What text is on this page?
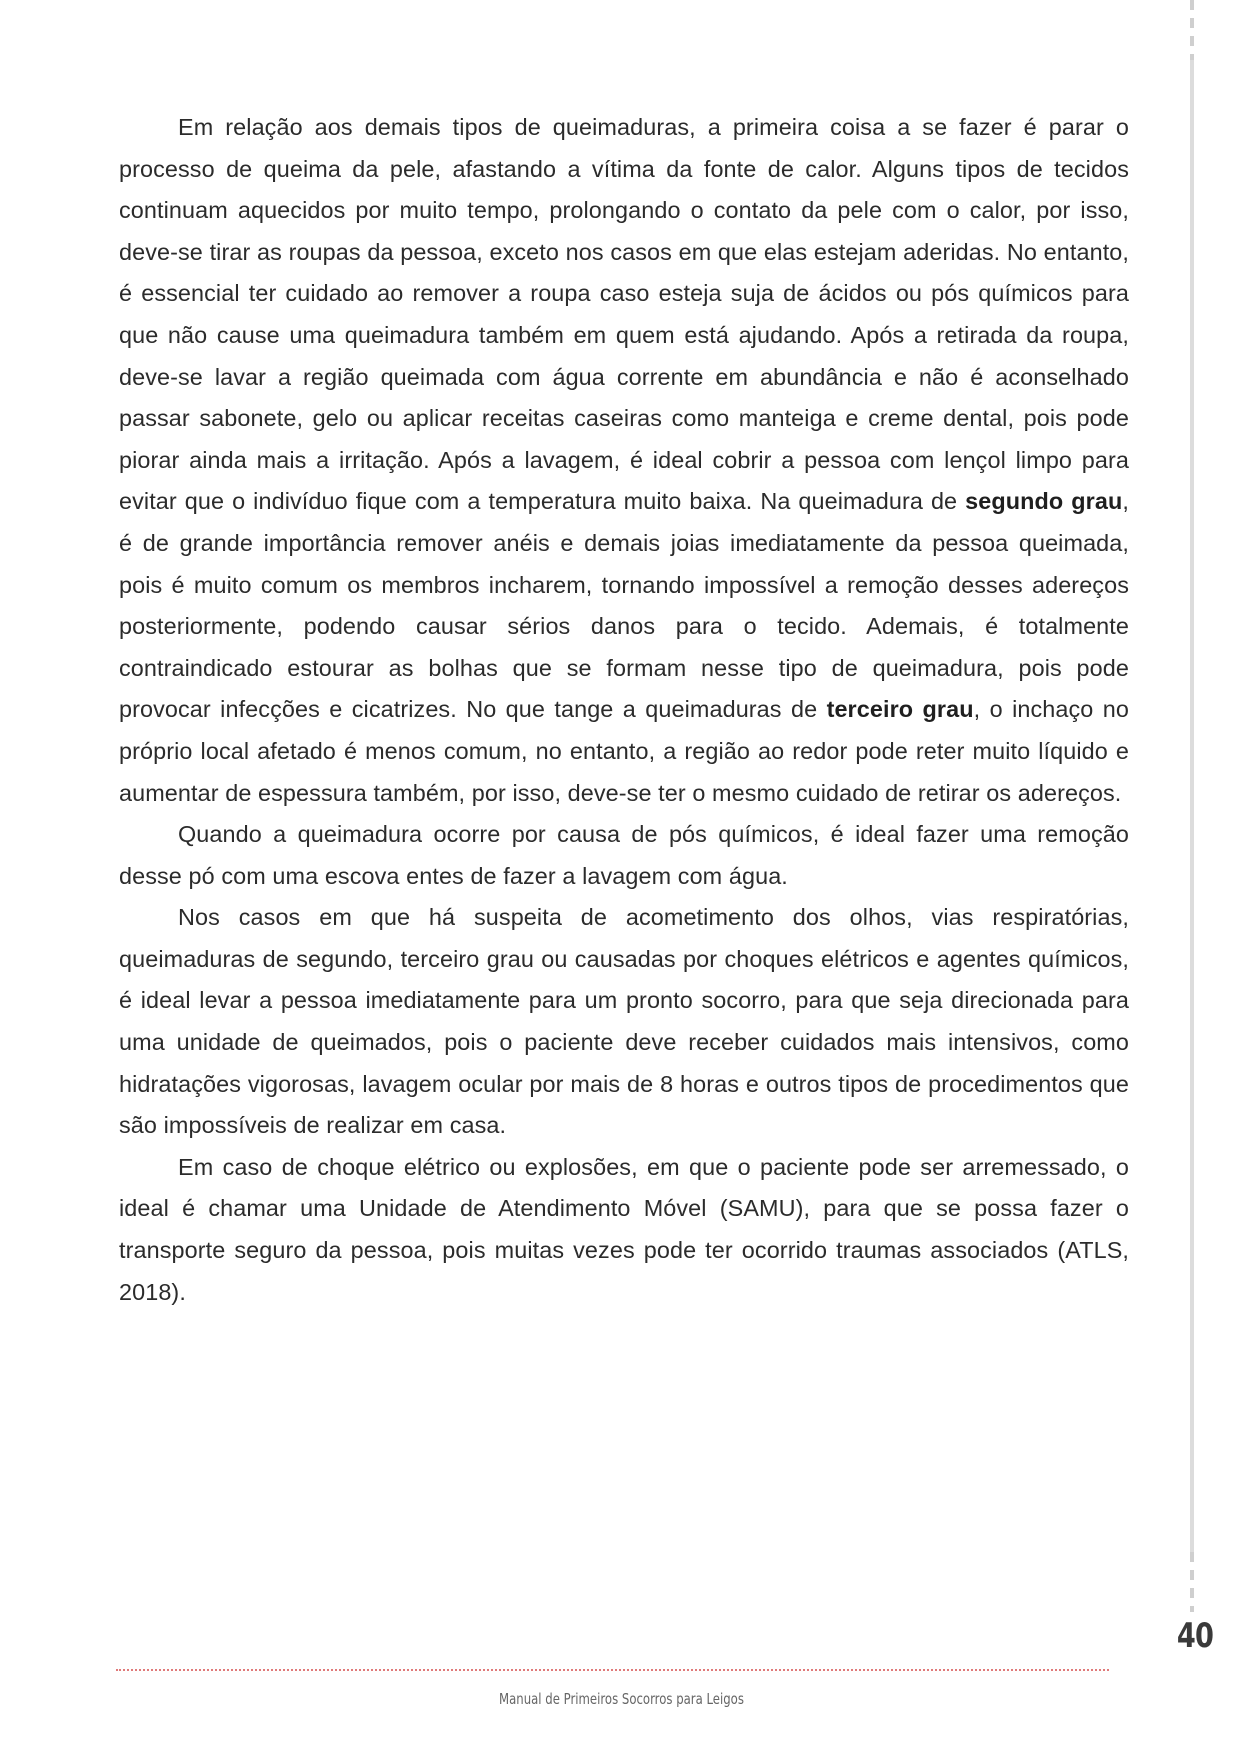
Em relação aos demais tipos de queimaduras, a primeira coisa a se fazer é parar o processo de queima da pele, afastando a vítima da fonte de calor. Alguns tipos de tecidos continuam aquecidos por muito tempo, prolongando o contato da pele com o calor, por isso, deve-se tirar as roupas da pessoa, exceto nos casos em que elas estejam aderidas. No entanto, é essencial ter cuidado ao remover a roupa caso esteja suja de ácidos ou pós químicos para que não cause uma queimadura também em quem está ajudando. Após a retirada da roupa, deve-se lavar a região queimada com água corrente em abundância e não é aconselhado passar sabonete, gelo ou aplicar receitas caseiras como manteiga e creme dental, pois pode piorar ainda mais a irritação. Após a lavagem, é ideal cobrir a pessoa com lençol limpo para evitar que o indivíduo fique com a temperatura muito baixa. Na queimadura de segundo grau, é de grande importância remover anéis e demais joias imediatamente da pessoa queimada, pois é muito comum os membros incharem, tornando impossível a remoção desses adereços posteriormente, podendo causar sérios danos para o tecido. Ademais, é totalmente contraindicado estourar as bolhas que se formam nesse tipo de queimadura, pois pode provocar infecções e cicatrizes. No que tange a queimaduras de terceiro grau, o inchaço no próprio local afetado é menos comum, no entanto, a região ao redor pode reter muito líquido e aumentar de espessura também, por isso, deve-se ter o mesmo cuidado de retirar os adereços.

Quando a queimadura ocorre por causa de pós químicos, é ideal fazer uma remoção desse pó com uma escova entes de fazer a lavagem com água.

Nos casos em que há suspeita de acometimento dos olhos, vias respiratórias, queimaduras de segundo, terceiro grau ou causadas por choques elétricos e agentes químicos, é ideal levar a pessoa imediatamente para um pronto socorro, para que seja direcionada para uma unidade de queimados, pois o paciente deve receber cuidados mais intensivos, como hidratações vigorosas, lavagem ocular por mais de 8 horas e outros tipos de procedimentos que são impossíveis de realizar em casa.

Em caso de choque elétrico ou explosões, em que o paciente pode ser arremessado, o ideal é chamar uma Unidade de Atendimento Móvel (SAMU), para que se possa fazer o transporte seguro da pessoa, pois muitas vezes pode ter ocorrido traumas associados (ATLS, 2018).

40
Manual de Primeiros Socorros para Leigos
